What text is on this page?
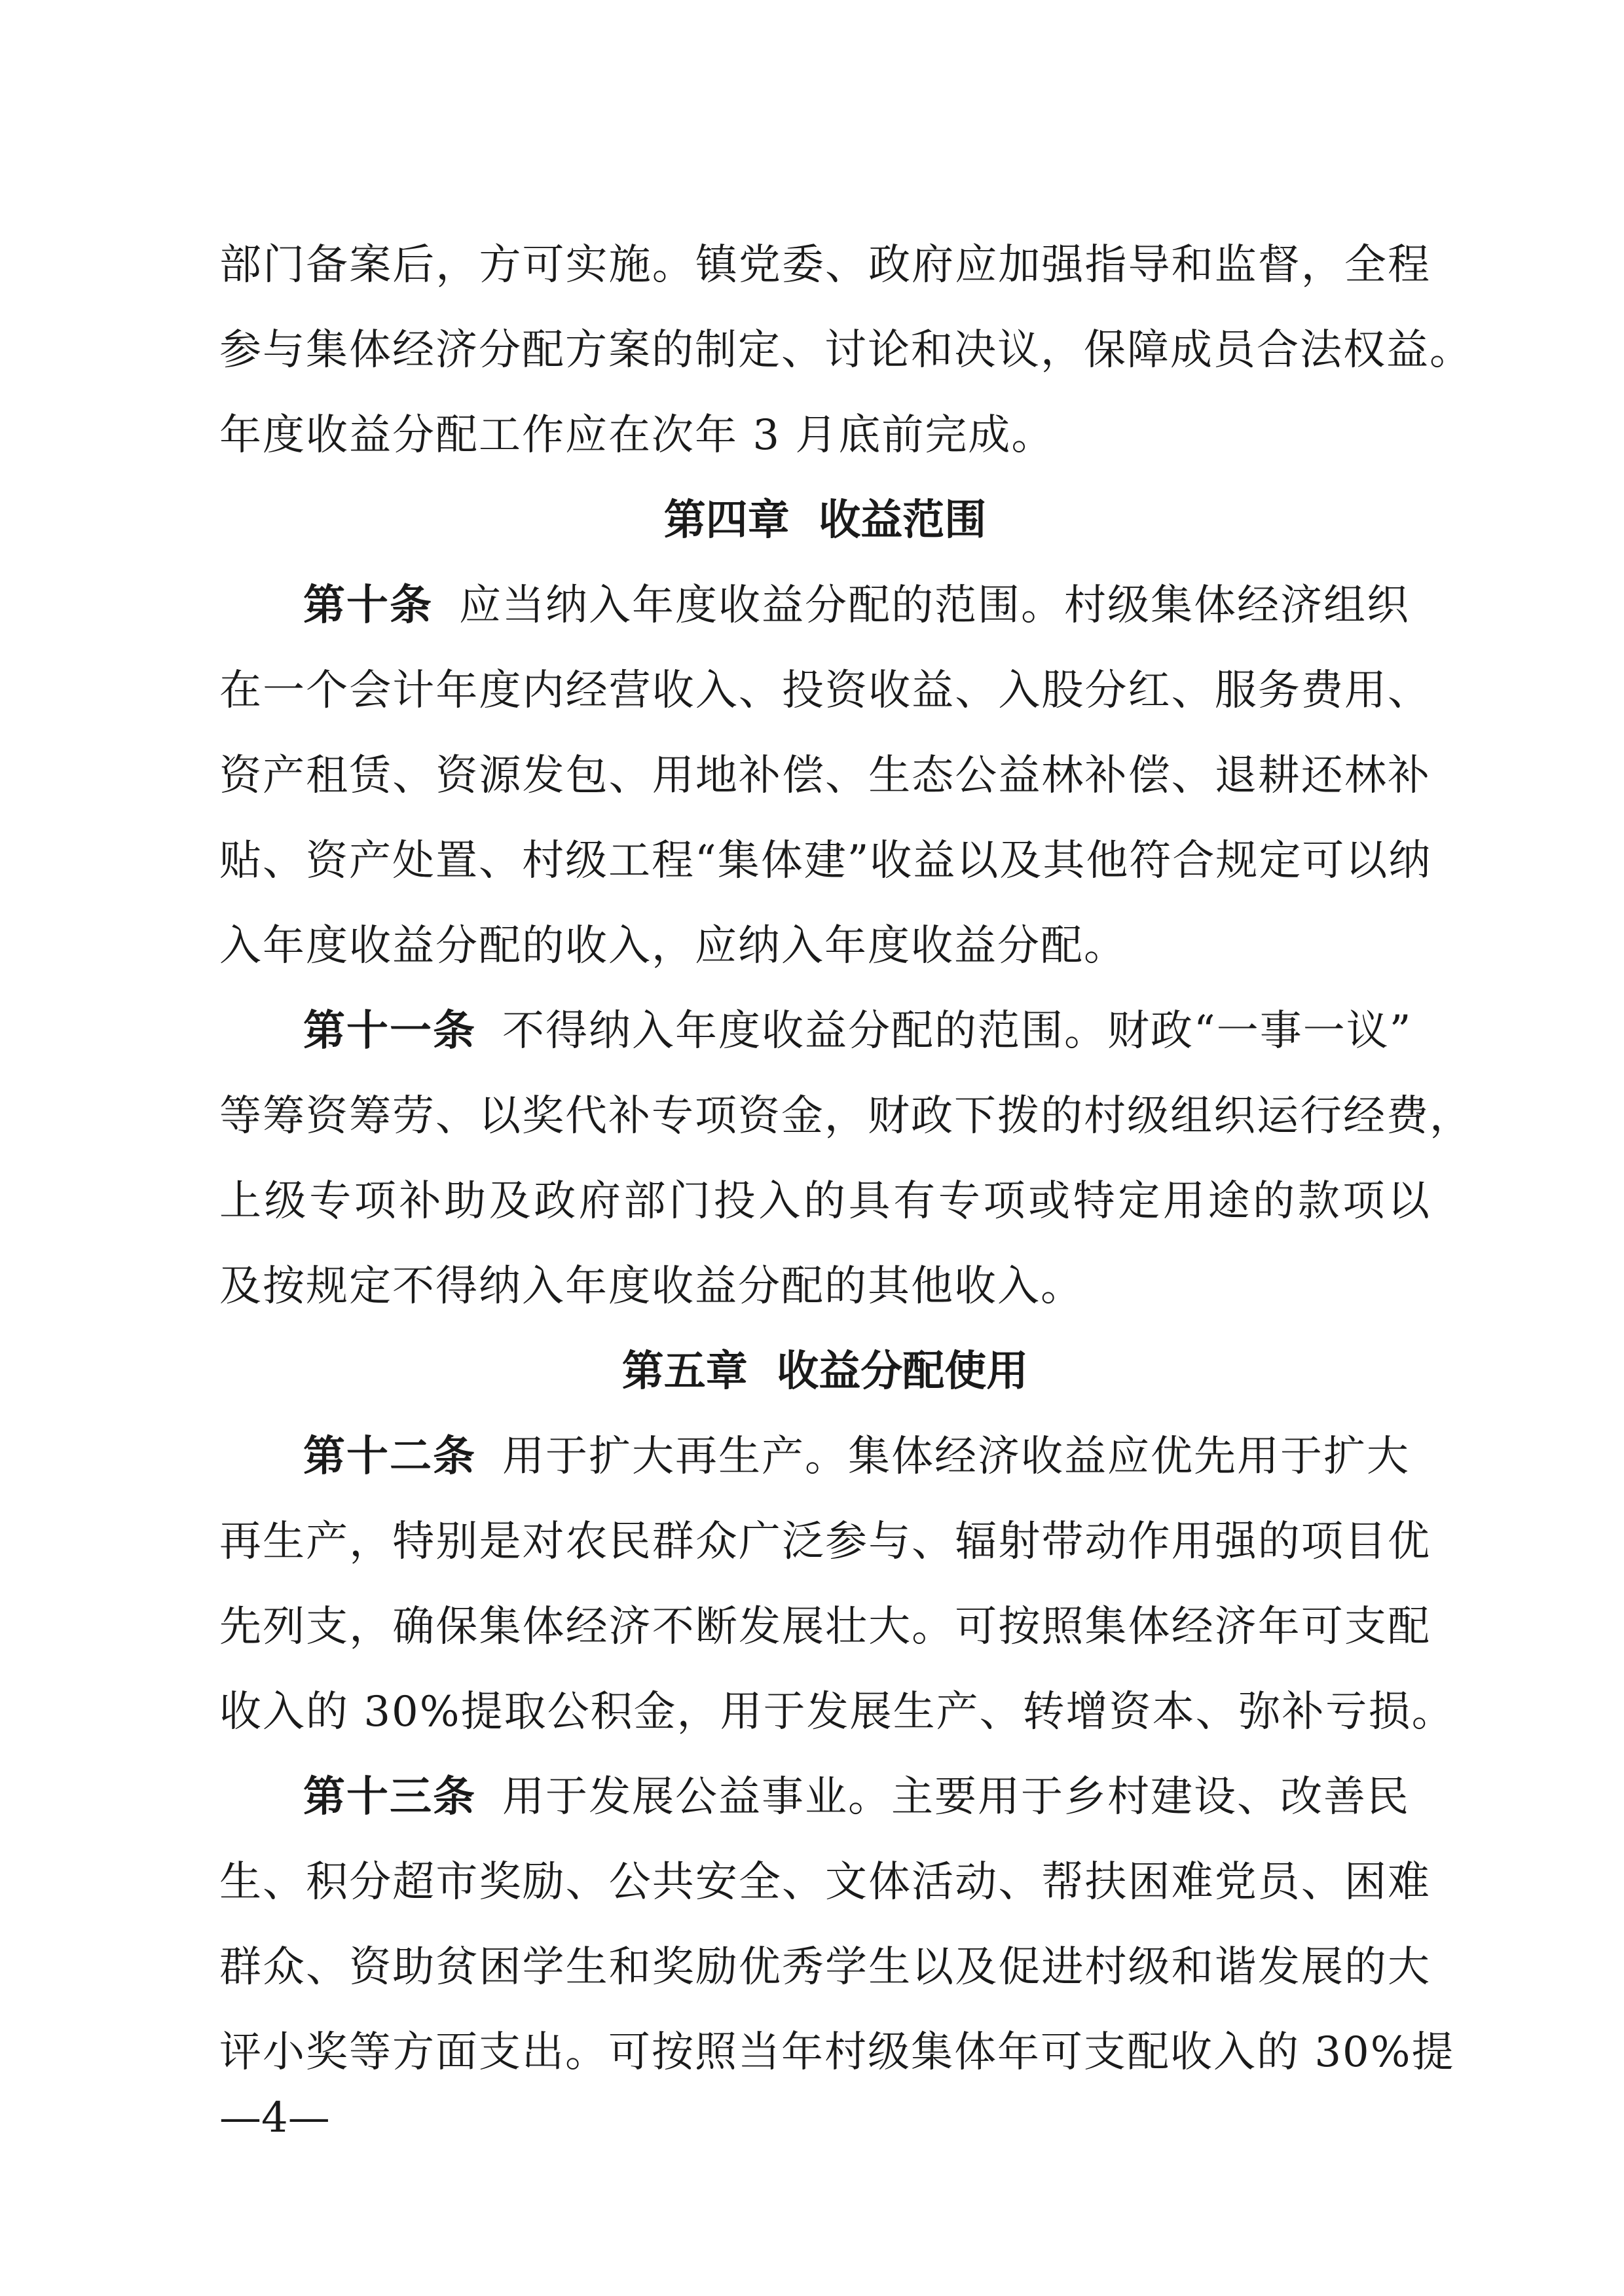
部门备案后，方可实施。镇党委、政府应加强指导和监督，全程
参与集体经济分配方案的制定、讨论和决议，保障成员合法权益。
年度收益分配工作应在次年 3 月底前完成。
第四章  收益范围
第十条 应当纳入年度收益分配的范围。村级集体经济组织
在一个会计年度内经营收入、投资收益、入股分红、服务费用、
资产租赁、资源发包、用地补偿、生态公益林补偿、退耕还林补
贴、资产处置、村级工程“集体建”收益以及其他符合规定可以纳
入年度收益分配的收入，应纳入年度收益分配。
第十一条 不得纳入年度收益分配的范围。财政“一事一议”
等筹资筹劳、以奖代补专项资金，财政下拨的村级组织运行经费，
上级专项补助及政府部门投入的具有专项或特定用途的款项以
及按规定不得纳入年度收益分配的其他收入。
第五章  收益分配使用
第十二条 用于扩大再生产。集体经济收益应优先用于扩大
再生产，特别是对农民群众广泛参与、辐射带动作用强的项目优
先列支，确保集体经济不断发展壮大。可按照集体经济年可支配
收入的 30%提取公积金，用于发展生产、转增资本、弥补亏损。
第十三条 用于发展公益事业。主要用于乡村建设、改善民
生、积分超市奖励、公共安全、文体活动、帮扶困难党员、困难
群众、资助贫困学生和奖励优秀学生以及促进村级和谐发展的大
评小奖等方面支出。可按照当年村级集体年可支配收入的 30%提
—4—
